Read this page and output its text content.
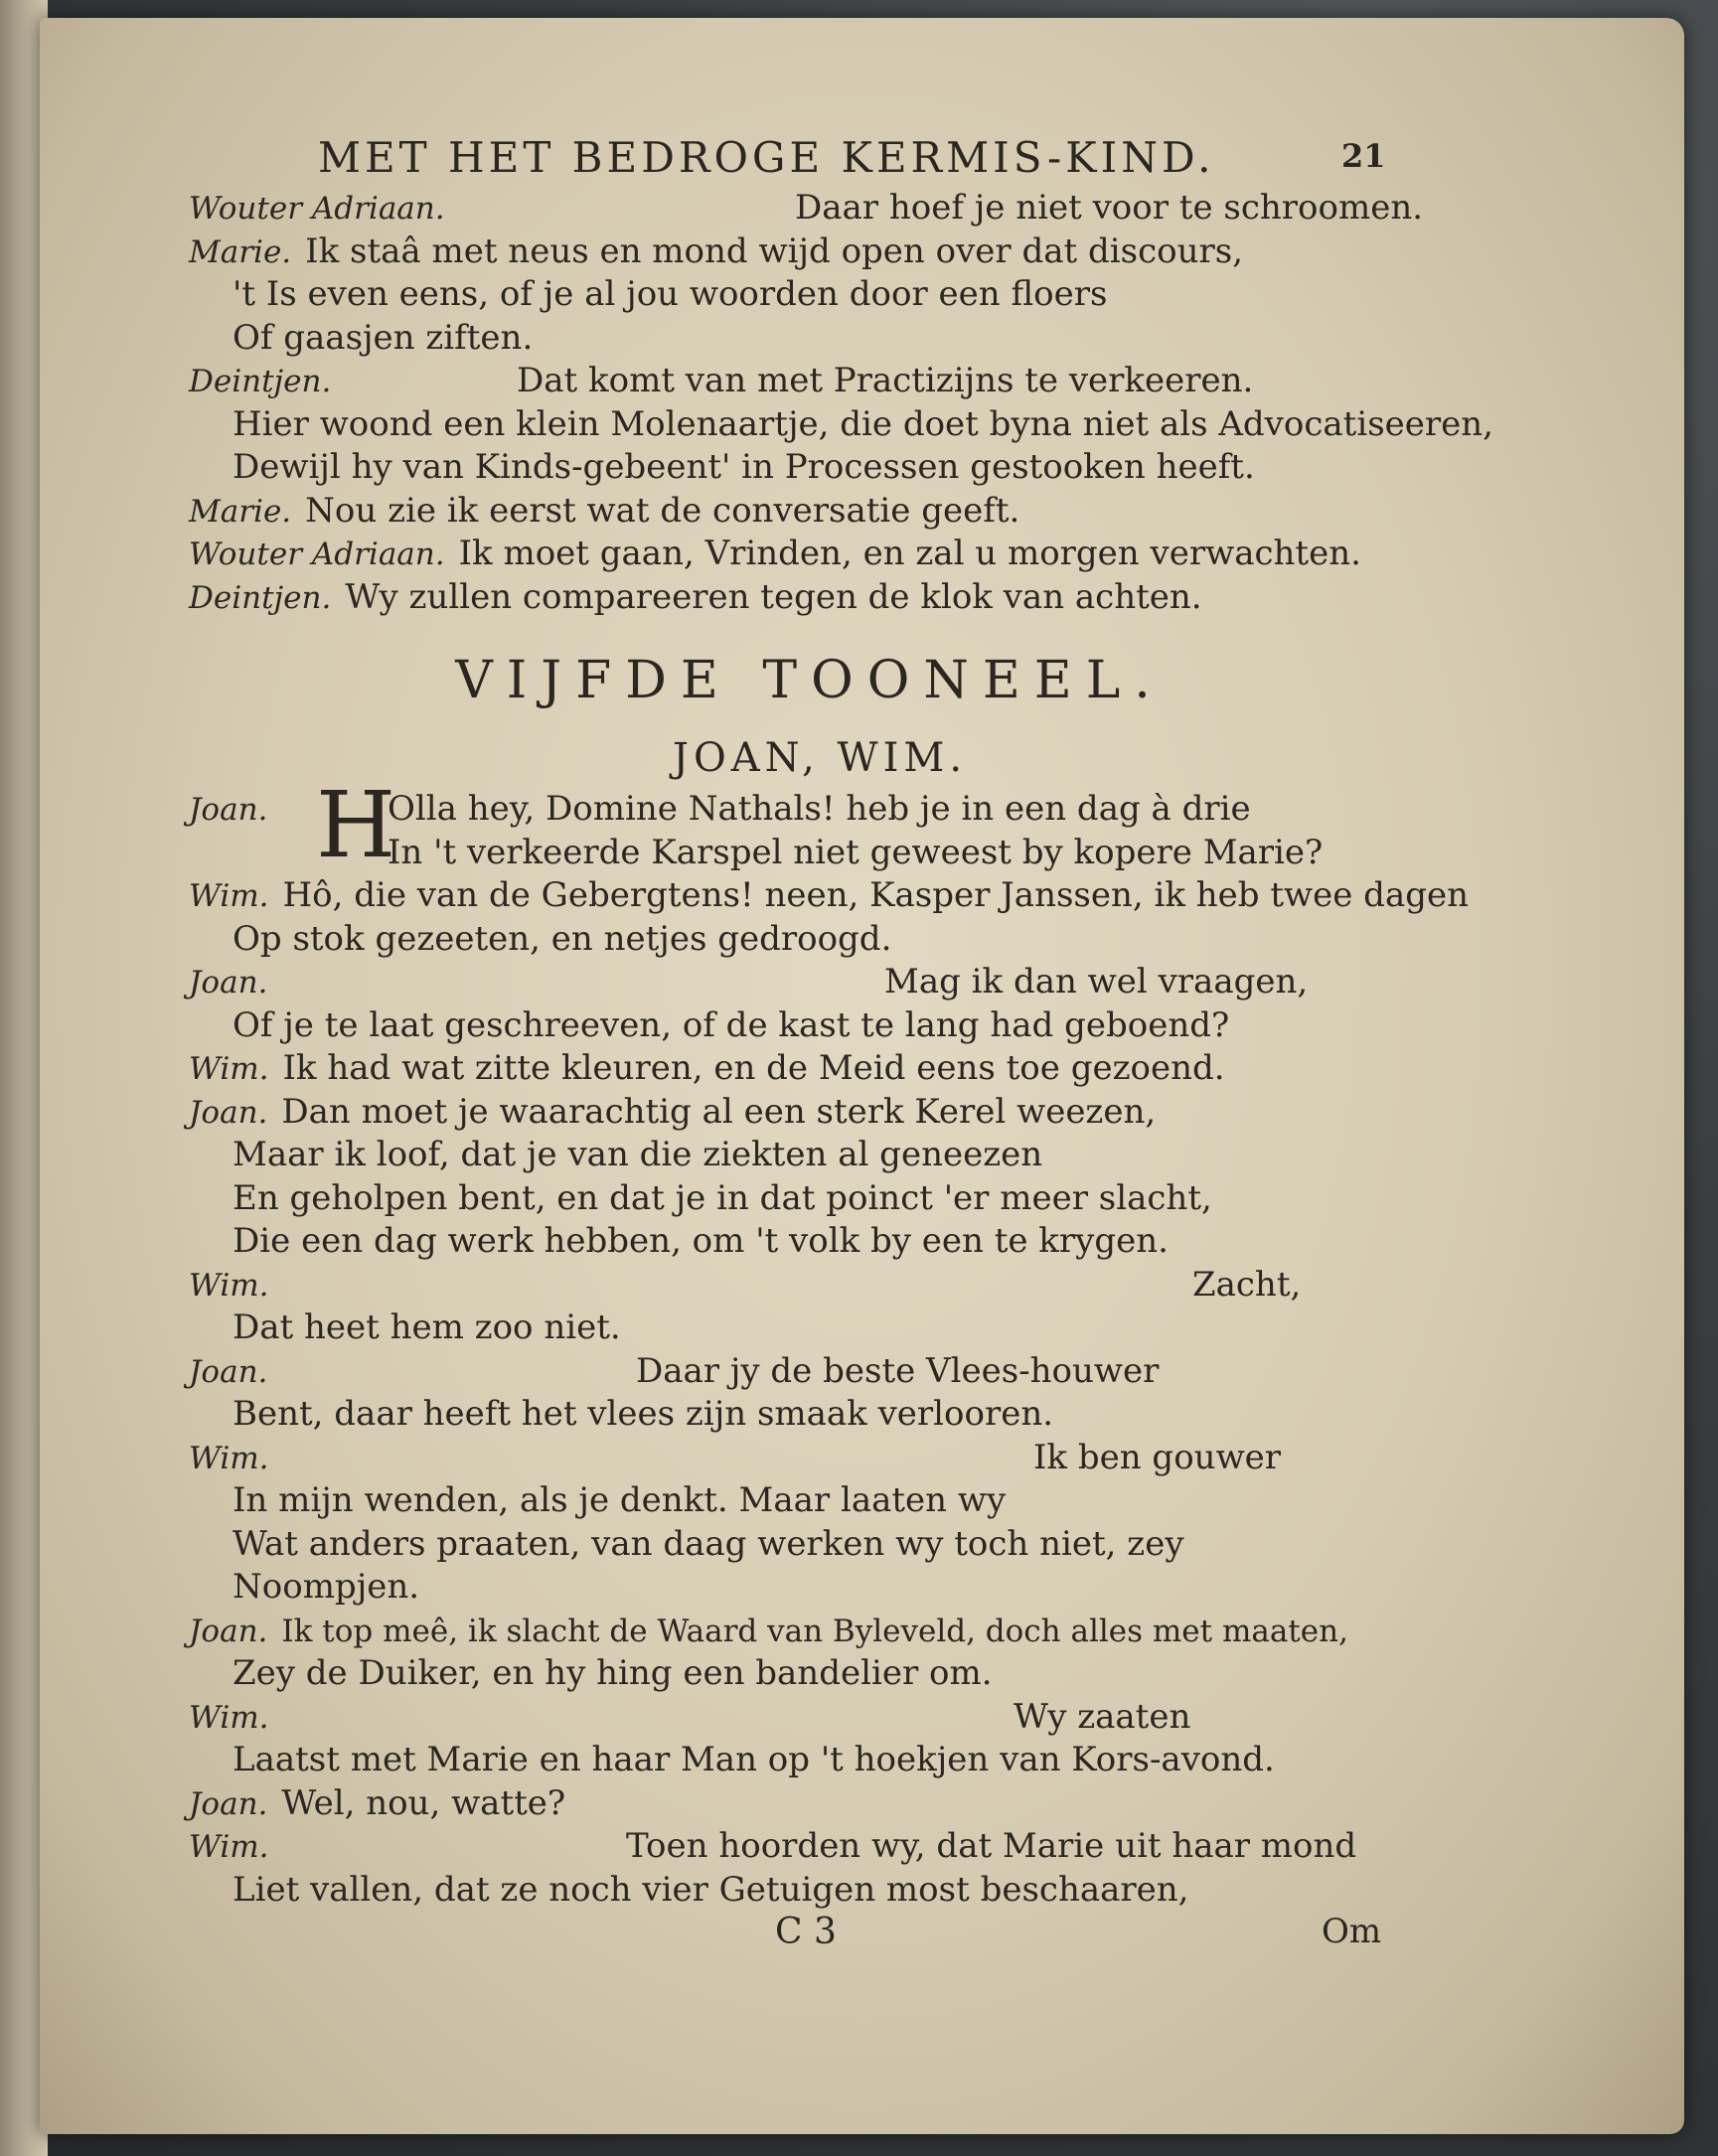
MET HET BEDROGE KERMIS-KIND.	21
Wouter Adriaan.	Daar hoef je niet voor te schroomen.
Marie. Ik staâ met neus en mond wijd open over dat discours,
't Is even eens, of je al jou woorden door een floers
Of gaasjen ziften.
Deintjen.	Dat komt van met Practizijns te verkeeren.
Hier woond een klein Molenaartje, die doet byna niet als Advocatiseeren,
Dewijl hy van Kinds-gebeent' in Processen gestooken heeft.
Marie. Nou zie ik eerst wat de conversatie geeft.
Wouter Adriaan. Ik moet gaan, Vrinden, en zal u morgen verwachten.
Deintjen. Wy zullen compareeren tegen de klok van achten.
VIJFDE TOONEEL.
JOAN, WIM.
Joan. H
Olla hey, Domine Nathals! heb je in een dag à drie
In 't verkeerde Karspel niet geweest by kopere Marie?
Wim. Hô, die van de Gebergtens! neen, Kasper Janssen, ik heb twee dagen
Op stok gezeeten, en netjes gedroogd.
Joan.	Mag ik dan wel vraagen,
Of je te laat geschreeven, of de kast te lang had geboend?
Wim. Ik had wat zitte kleuren, en de Meid eens toe gezoend.
Joan. Dan moet je waarachtig al een sterk Kerel weezen,
Maar ik loof, dat je van die ziekten al geneezen
En geholpen bent, en dat je in dat poinct 'er meer slacht,
Die een dag werk hebben, om 't volk by een te krygen.
Wim.	Zacht,
Dat heet hem zoo niet.
Joan.	Daar jy de beste Vlees-houwer
Bent, daar heeft het vlees zijn smaak verlooren.
Wim.	Ik ben gouwer
In mijn wenden, als je denkt. Maar laaten wy
Wat anders praaten, van daag werken wy toch niet, zey
Noompjen.
Joan. Ik top meê, ik slacht de Waard van Byleveld, doch alles met maaten,
Zey de Duiker, en hy hing een bandelier om.
Wim.	Wy zaaten
Laatst met Marie en haar Man op 't hoekjen van Kors-avond.
Joan. Wel, nou, watte?
Wim.	Toen hoorden wy, dat Marie uit haar mond
Liet vallen, dat ze noch vier Getuigen most beschaaren,
C 3	Om
